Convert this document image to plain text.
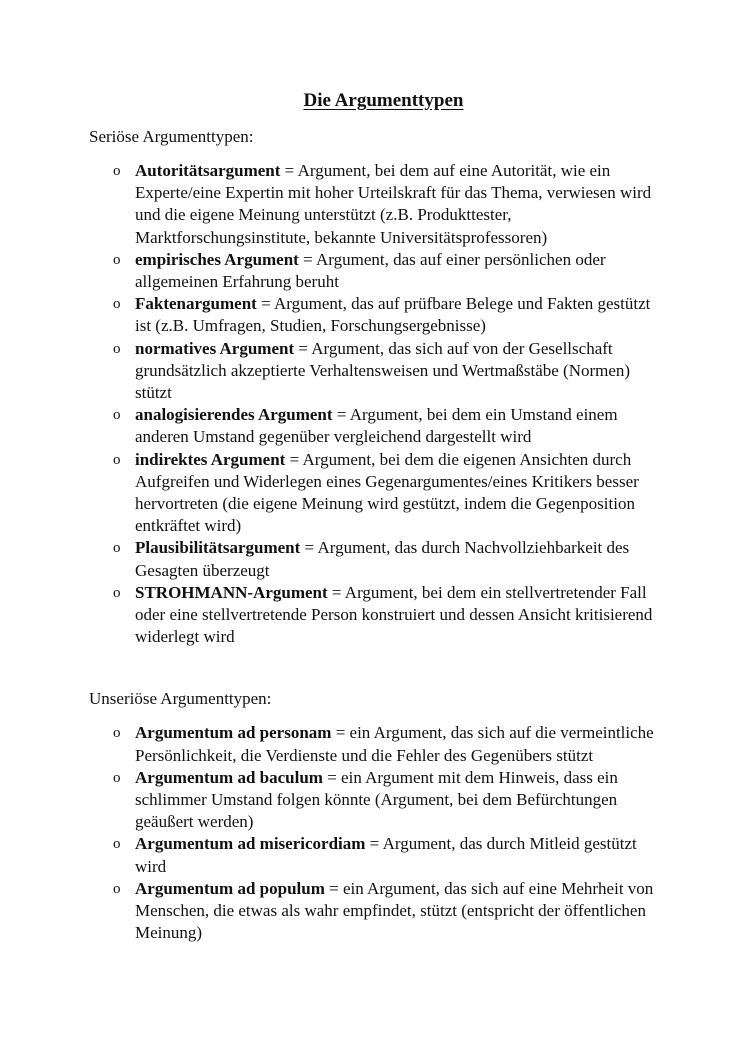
Die Argumenttypen

Seriöse Argumenttypen:

o Autoritätsargument = Argument, bei dem auf eine Autorität, wie ein Experte/eine Expertin mit hoher Urteilskraft für das Thema, verwiesen wird und die eigene Meinung unterstützt (z.B. Produkttester, Marktforschungsinstitute, bekannte Universitätsprofessoren)
o empirisches Argument = Argument, das auf einer persönlichen oder allgemeinen Erfahrung beruht
o Faktenargument = Argument, das auf prüfbare Belege und Fakten gestützt ist (z.B. Umfragen, Studien, Forschungsergebnisse)
o normatives Argument = Argument, das sich auf von der Gesellschaft grundsätzlich akzeptierte Verhaltensweisen und Wertmaßstäbe (Normen) stützt
o analogisierendes Argument = Argument, bei dem ein Umstand einem anderen Umstand gegenüber vergleichend dargestellt wird
o indirektes Argument = Argument, bei dem die eigenen Ansichten durch Aufgreifen und Widerlegen eines Gegenargumentes/eines Kritikers besser hervortreten (die eigene Meinung wird gestützt, indem die Gegenposition entkräftet wird)
o Plausibilitätsargument = Argument, das durch Nachvollziehbarkeit des Gesagten überzeugt
o STROHMANN-Argument = Argument, bei dem ein stellvertretender Fall oder eine stellvertretende Person konstruiert und dessen Ansicht kritisierend widerlegt wird

Unseriöse Argumenttypen:

o Argumentum ad personam = ein Argument, das sich auf die vermeintliche Persönlichkeit, die Verdienste und die Fehler des Gegenübers stützt
o Argumentum ad baculum = ein Argument mit dem Hinweis, dass ein schlimmer Umstand folgen könnte (Argument, bei dem Befürchtungen geäußert werden)
o Argumentum ad misericordiam = Argument, das durch Mitleid gestützt wird
o Argumentum ad populum = ein Argument, das sich auf eine Mehrheit von Menschen, die etwas als wahr empfindet, stützt (entspricht der öffentlichen Meinung)
